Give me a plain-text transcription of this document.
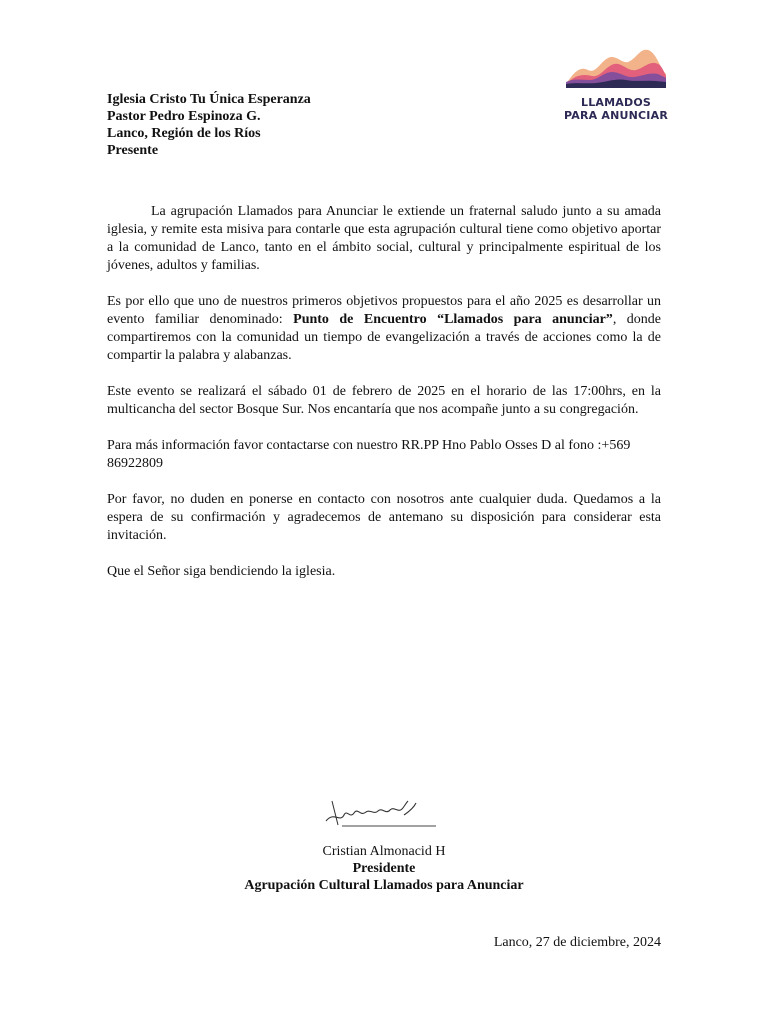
LLAMADOS
PARA ANUNCIAR
Iglesia Cristo Tu Única Esperanza
Pastor Pedro Espinoza G.
Lanco, Región de los Ríos
Presente

La agrupación Llamados para Anunciar le extiende un fraternal saludo junto a su amada iglesia, y remite esta misiva para contarle que esta agrupación cultural tiene como objetivo aportar a la comunidad de Lanco, tanto en el ámbito social, cultural y principalmente espiritual de los jóvenes, adultos y familias.

Es por ello que uno de nuestros primeros objetivos propuestos para el año 2025 es desarrollar un evento familiar denominado: Punto de Encuentro “Llamados para anunciar”, donde compartiremos con la comunidad un tiempo de evangelización a través de acciones como la de compartir la palabra y alabanzas.

Este evento se realizará el sábado 01 de febrero de 2025 en el horario de las 17:00hrs, en la multicancha del sector Bosque Sur. Nos encantaría que nos acompañe junto a su congregación.

Para más información favor contactarse con nuestro RR.PP Hno Pablo Osses D al fono :+569 86922809

Por favor, no duden en ponerse en contacto con nosotros ante cualquier duda. Quedamos a la espera de su confirmación y agradecemos de antemano su disposición para considerar esta invitación.

Que el Señor siga bendiciendo la iglesia.

Cristian Almonacid H
Presidente
Agrupación Cultural Llamados para Anunciar
Lanco, 27 de diciembre, 2024
